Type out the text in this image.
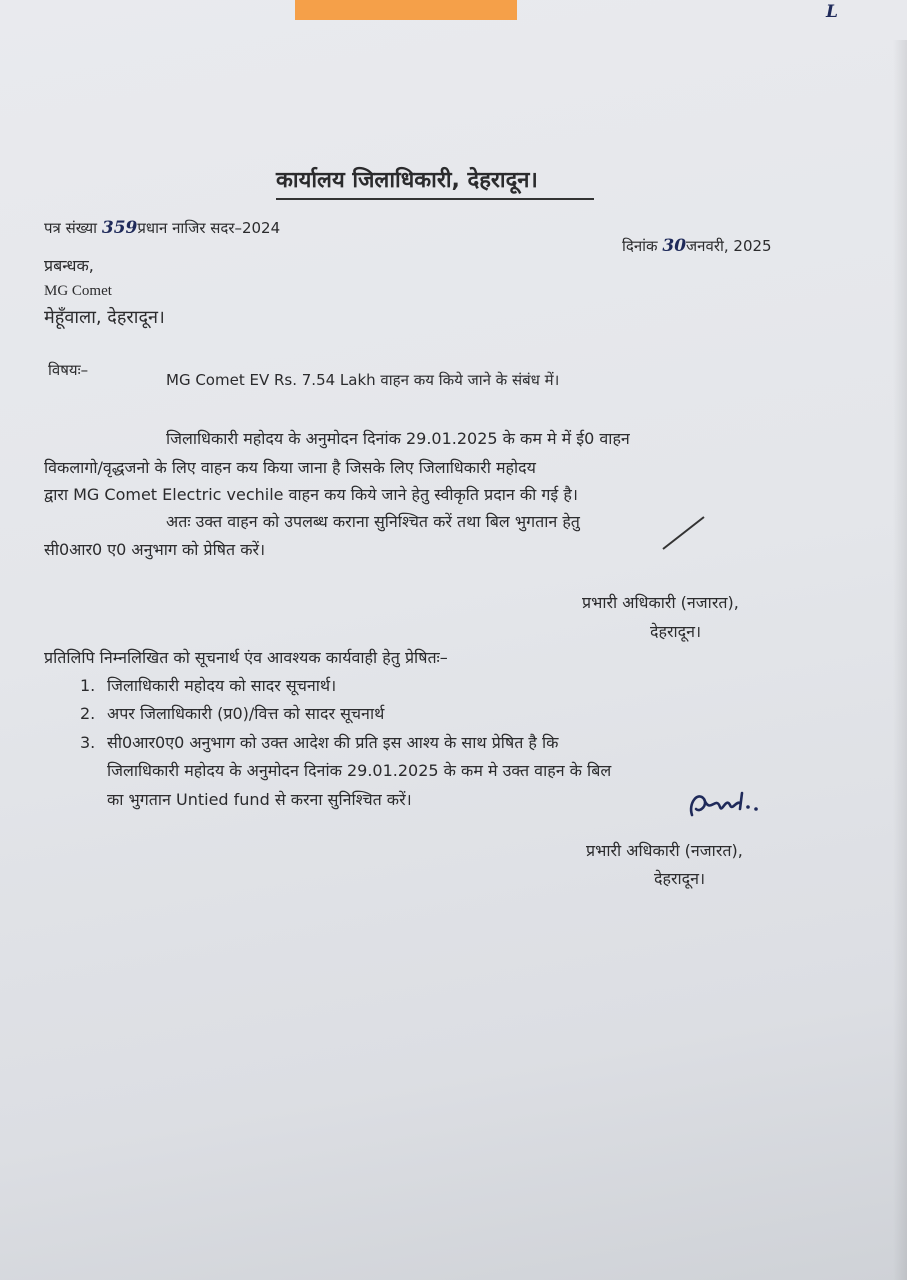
L
कार्यालय जिलाधिकारी, देहरादून।
पत्र संख्या 359प्रधान नाजिर सदर–2024
दिनांक 30जनवरी, 2025
प्रबन्धक,
MG Comet
मेहूँवाला, देहरादून।
विषयः–
MG Comet EV Rs. 7.54 Lakh वाहन कय किये जाने के संबंध में।
जिलाधिकारी महोदय के अनुमोदन दिनांक 29.01.2025 के कम मे में ई0 वाहन
विकलागो/वृद्धजनो के लिए वाहन कय किया जाना है जिसके लिए जिलाधिकारी महोदय
द्वारा MG Comet Electric vechile वाहन कय किये जाने हेतु स्वीकृति प्रदान की गई है।
अतः उक्त वाहन को उपलब्ध कराना सुनिश्चित करें तथा बिल भुगतान हेतु
सी0आर0 ए0 अनुभाग को प्रेषित करें।
प्रभारी अधिकारी (नजारत),
देहरादून।
प्रतिलिपि निम्नलिखित को सूचनार्थ एंव आवश्यक कार्यवाही हेतु प्रेषितः–
1. जिलाधिकारी महोदय को सादर सूचनार्थ।
2. अपर जिलाधिकारी (प्र0)/वित्त को सादर सूचनार्थ
3. सी0आर0ए0 अनुभाग को उक्त आदेश की प्रति इस आश्य के साथ प्रेषित है कि
जिलाधिकारी महोदय के अनुमोदन दिनांक 29.01.2025 के कम मे उक्त वाहन के बिल
का भुगतान Untied fund से करना सुनिश्चित करें।
प्रभारी अधिकारी (नजारत),
देहरादून।
